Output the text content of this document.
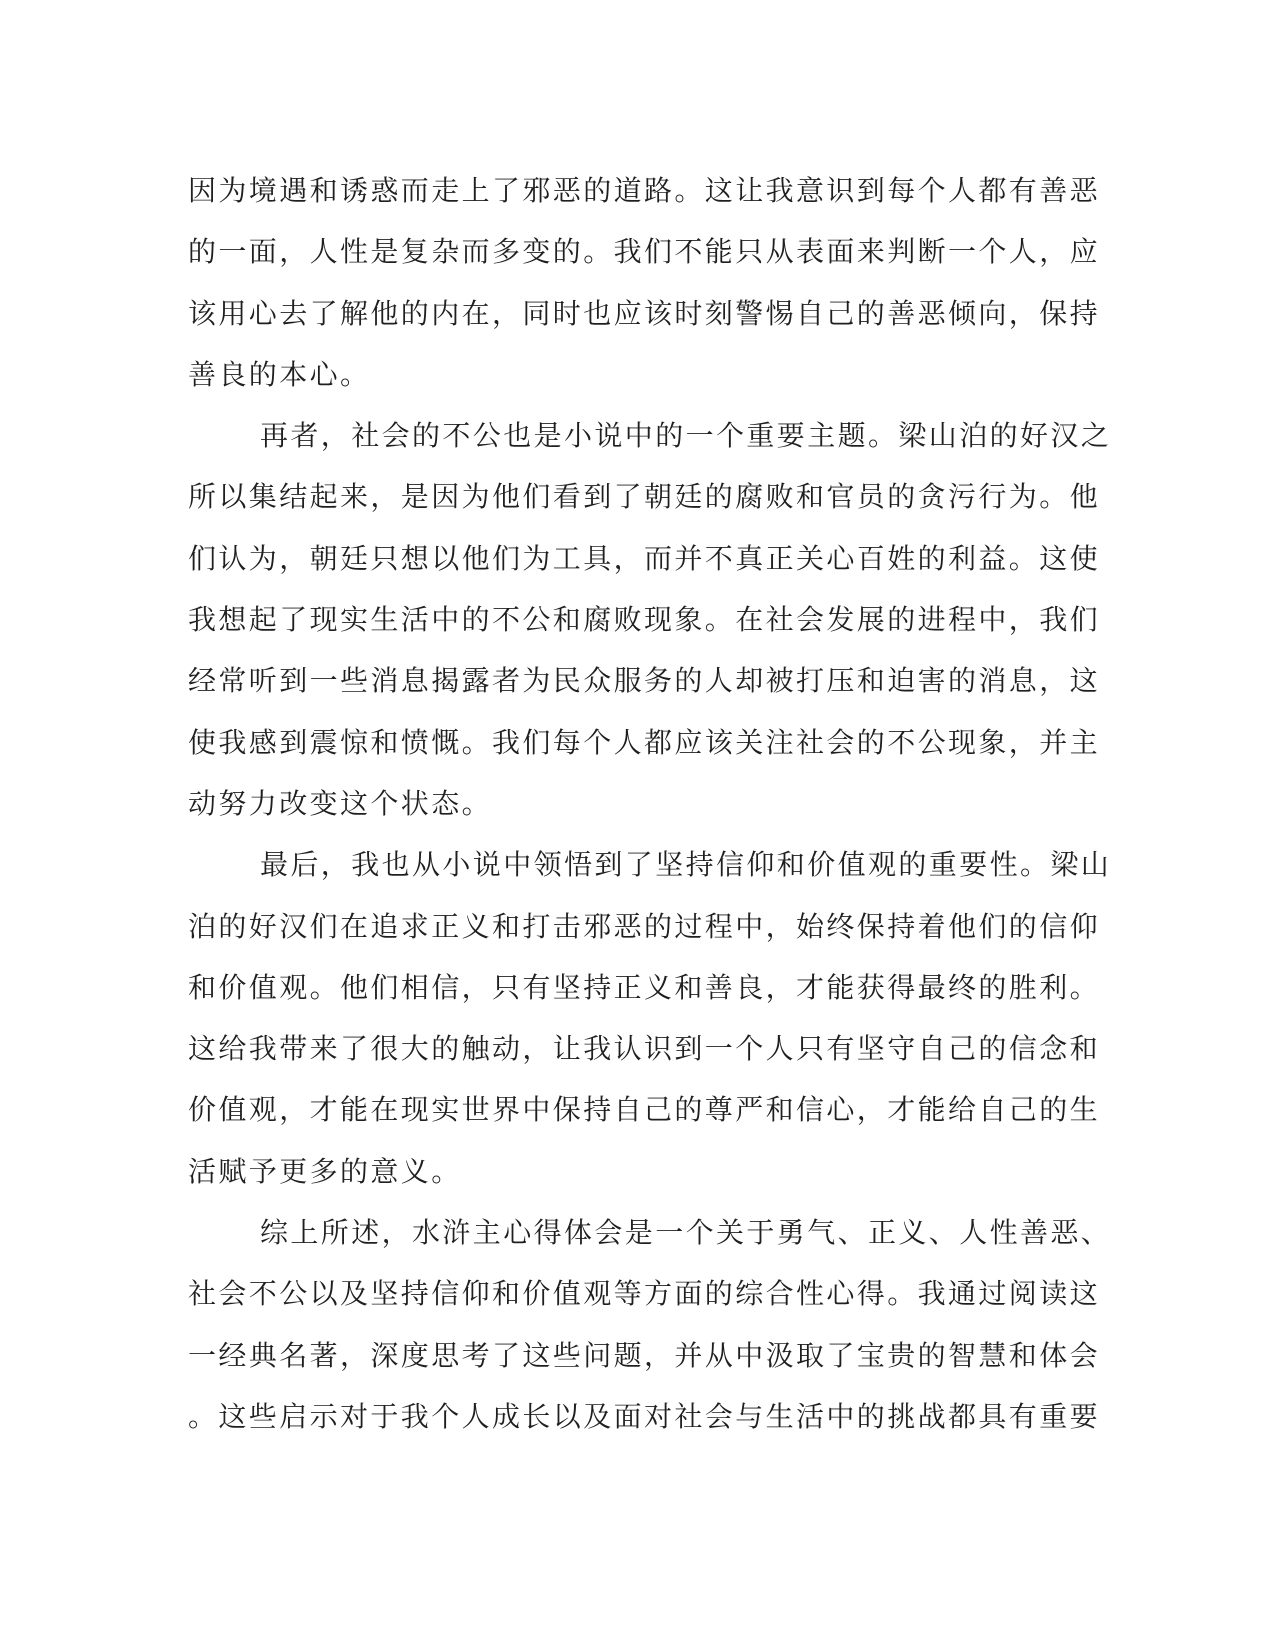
因为境遇和诱惑而走上了邪恶的道路。这让我意识到每个人都有善恶
的一面，人性是复杂而多变的。我们不能只从表面来判断一个人，应
该用心去了解他的内在，同时也应该时刻警惕自己的善恶倾向，保持
善良的本心。
再者，社会的不公也是小说中的一个重要主题。梁山泊的好汉之
所以集结起来，是因为他们看到了朝廷的腐败和官员的贪污行为。他
们认为，朝廷只想以他们为工具，而并不真正关心百姓的利益。这使
我想起了现实生活中的不公和腐败现象。在社会发展的进程中，我们
经常听到一些消息揭露者为民众服务的人却被打压和迫害的消息，这
使我感到震惊和愤慨。我们每个人都应该关注社会的不公现象，并主
动努力改变这个状态。
最后，我也从小说中领悟到了坚持信仰和价值观的重要性。梁山
泊的好汉们在追求正义和打击邪恶的过程中，始终保持着他们的信仰
和价值观。他们相信，只有坚持正义和善良，才能获得最终的胜利。
这给我带来了很大的触动，让我认识到一个人只有坚守自己的信念和
价值观，才能在现实世界中保持自己的尊严和信心，才能给自己的生
活赋予更多的意义。
综上所述，水浒主心得体会是一个关于勇气、正义、人性善恶、
社会不公以及坚持信仰和价值观等方面的综合性心得。我通过阅读这
一经典名著，深度思考了这些问题，并从中汲取了宝贵的智慧和体会
。这些启示对于我个人成长以及面对社会与生活中的挑战都具有重要
